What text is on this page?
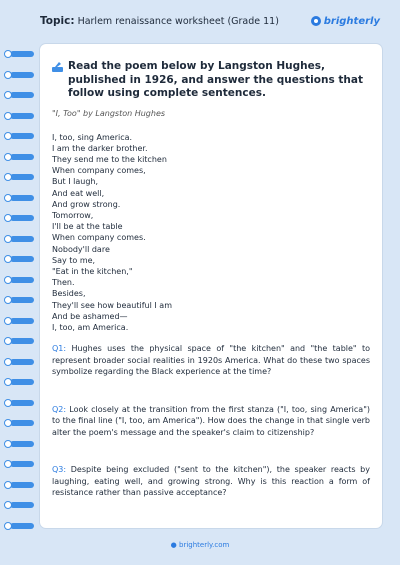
Topic: Harlem renaissance worksheet (Grade 11)	brighterly
Read the poem below by Langston Hughes, published in 1926, and answer the questions that follow using complete sentences.
"I, Too" by Langston Hughes
I, too, sing America.
I am the darker brother.
They send me to the kitchen
When company comes,
But I laugh,
And eat well,
And grow strong.
Tomorrow,
I'll be at the table
When company comes.
Nobody'll dare
Say to me,
"Eat in the kitchen,"
Then.
Besides,
They'll see how beautiful I am
And be ashamed—
I, too, am America.
Q1: Hughes uses the physical space of "the kitchen" and "the table" to represent broader social realities in 1920s America. What do these two spaces symbolize regarding the Black experience at the time?
Q2: Look closely at the transition from the first stanza ("I, too, sing America") to the final line ("I, too, am America"). How does the change in that single verb alter the poem's message and the speaker's claim to citizenship?
Q3: Despite being excluded ("sent to the kitchen"), the speaker reacts by laughing, eating well, and growing strong. Why is this reaction a form of resistance rather than passive acceptance?
● brighterly.com
